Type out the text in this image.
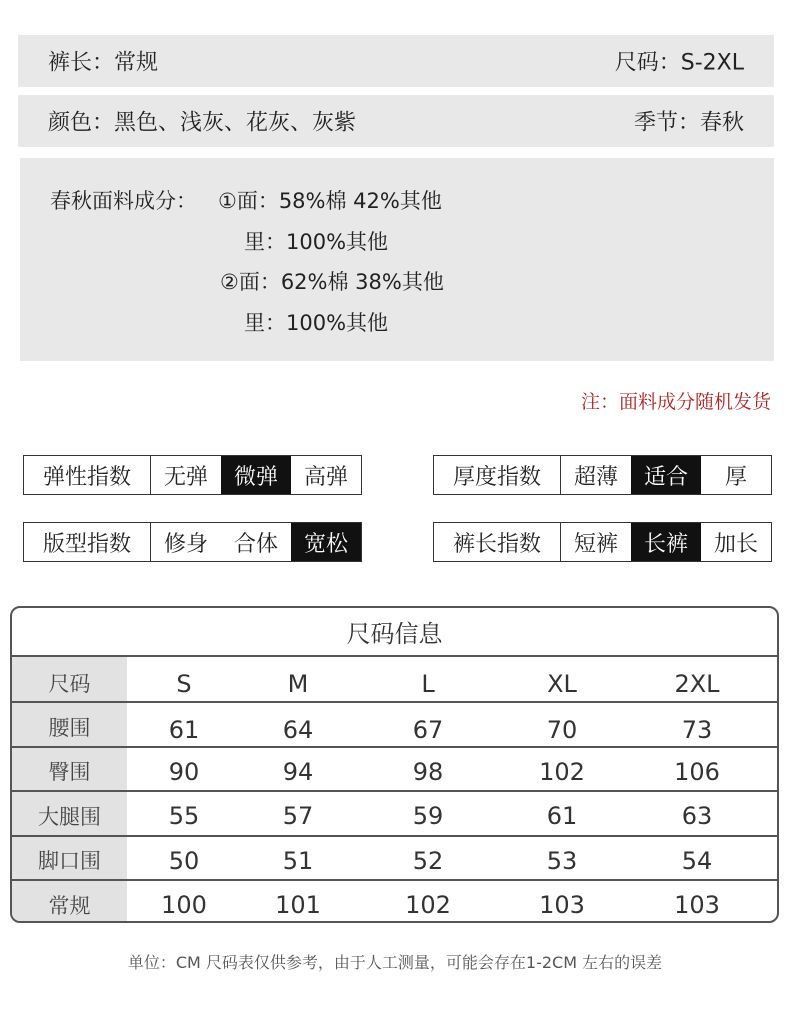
裤长：常规	尺码：S-2XL
颜色：黑色、浅灰、花灰、灰紫	季节：春秋
春秋面料成分： ①面：58%棉 42%其他
里：100%其他
②面：62%棉 38%其他
里：100%其他
注：面料成分随机发货
弹性指数	无弹	微弹	高弹	厚度指数	超薄	适合	厚
版型指数	修身	合体	宽松	裤长指数	短裤	长裤	加长
尺码信息
尺码	S	M	L	XL	2XL
腰围	61	64	67	70	73
臀围	90	94	98	102	106
大腿围	55	57	59	61	63
脚口围	50	51	52	53	54
常规	100	101	102	103	103
单位：CM 尺码表仅供参考，由于人工测量，可能会存在1-2CM 左右的误差
